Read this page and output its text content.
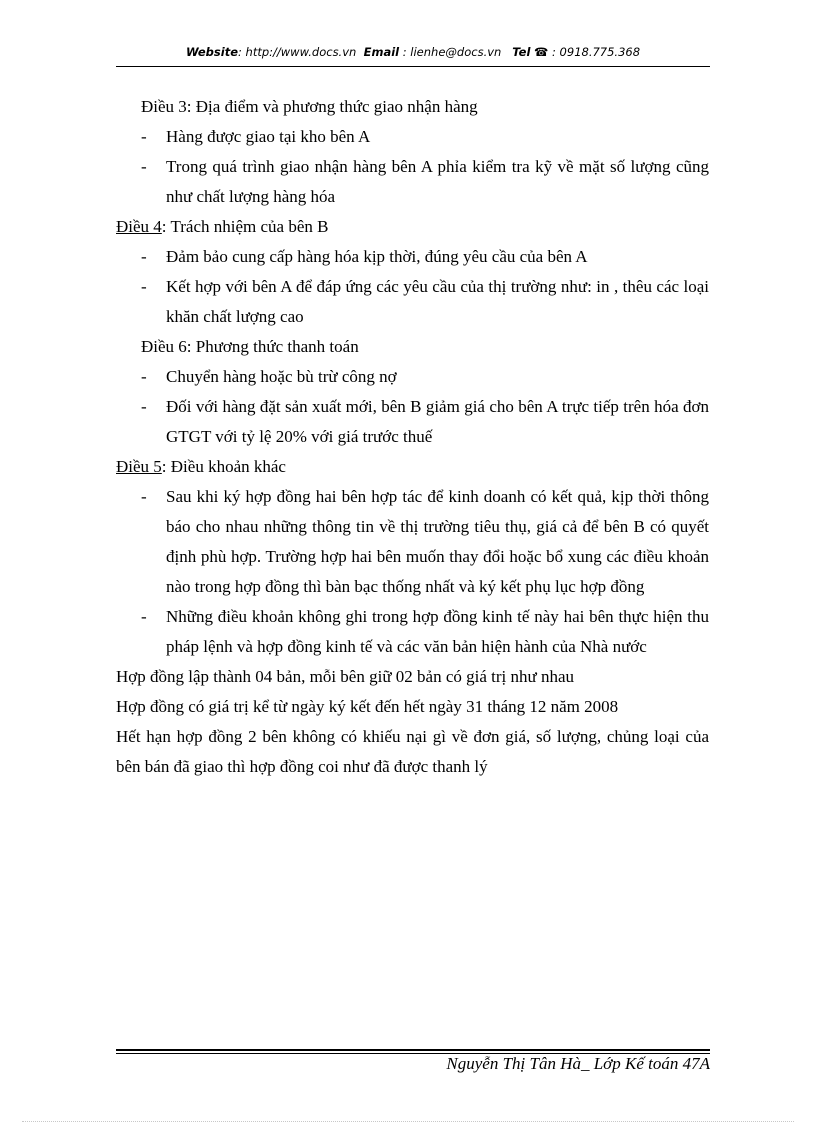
Website: http://www.docs.vn Email : lienhe@docs.vn Tel ☎ : 0918.775.368

Điều 3: Địa điểm và phương thức giao nhận hàng

- Hàng được giao tại kho bên A
- Trong quá trình giao nhận hàng bên A phỉa kiểm tra kỹ về mặt số lượng cũng như chất lượng hàng hóa

Điều 4: Trách nhiệm của bên B

- Đảm bảo cung cấp hàng hóa kịp thời, đúng yêu cầu của bên A
- Kết hợp với bên A để đáp ứng các yêu cầu của thị trường như: in , thêu các loại khăn chất lượng cao

Điều 6: Phương thức thanh toán

- Chuyển hàng hoặc bù trừ công nợ
- Đối với hàng đặt sản xuất mới, bên B giảm giá cho bên A trực tiếp trên hóa đơn GTGT với tỷ lệ 20% với giá trước thuế

Điều 5: Điều khoản khác

- Sau khi ký hợp đồng hai bên hợp tác để kinh doanh có kết quả, kịp thời thông báo cho nhau những thông tin về thị trường tiêu thụ, giá cả để bên B có quyết định phù hợp. Trường hợp hai bên muốn thay đổi hoặc bổ xung các điều khoản nào trong hợp đồng thì bàn bạc thống nhất và ký kết phụ lục hợp đồng
- Những điều khoản không ghi trong hợp đồng kinh tế này hai bên thực hiện thu pháp lệnh và hợp đồng kinh tế và các văn bản hiện hành của Nhà nước

Hợp đồng lập thành 04 bản, mỗi bên giữ 02 bản có giá trị như nhau

Hợp đồng có giá trị kể từ ngày ký kết đến hết ngày 31 tháng 12 năm 2008

Hết hạn hợp đồng 2 bên không có khiếu nại gì về đơn giá, số lượng, chủng loại của bên bán đã giao thì hợp đồng coi như đã được thanh lý

Nguyễn Thị Tân Hà_ Lớp Kế toán 47A
